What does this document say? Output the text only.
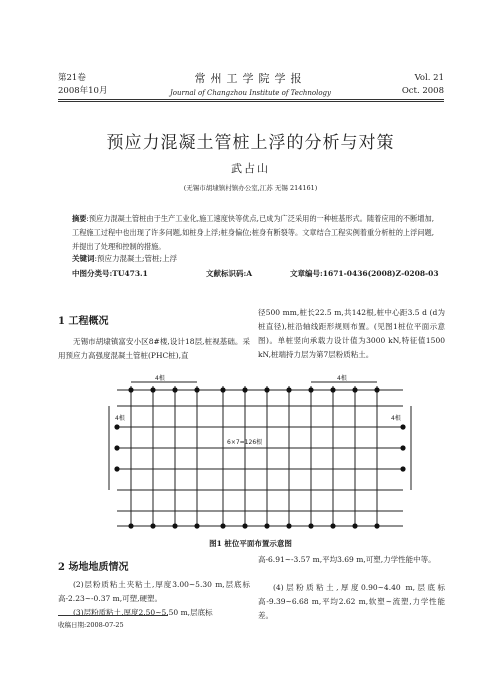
第21卷
2008年10月
常州工学院学报
Journal of Changzhou Institute of Technology
Vol. 21
Oct. 2008
预应力混凝土管桩上浮的分析与对策
武占山
(无锡市胡埭镇村镇办公室,江苏 无锡 214161)
摘要:预应力混凝土管桩由于生产工业化,施工速度快等优点,已成为广泛采用的一种桩基形式。随着应用的不断增加,工程施工过程中也出现了许多问题,如桩身上浮;桩身偏位;桩身有断裂等。文章结合工程实例着重分析桩的上浮问题,并提出了处理和控制的措施。
关键词:预应力混凝土;管桩;上浮
中图分类号:TU473.1	文献标识码:A	文章编号:1671-0436(2008)Z-0208-03
1 工程概况
无锡市胡埭镇富安小区8#楼,设计18层,桩视基础。采用预应力高强度混凝土管桩(PHC桩),直
径500 mm,桩长22.5 m,共142根,桩中心距3.5 d (d为桩直径),桩沿轴线距形规则布置。(见图1桩位平面示意图)。单桩竖向承载力设计值为3000 kN,特征值1500 kN,桩端持力层为第7层粉质粘土。
4根	4根
4根	4根
6×7=126根
图1 桩位平面布置示意图
2 场地地质情况
(2)层粉质粘土夹粘土,厚度3.00~5.30 m,层底标高-2.23~-0.37 m,可塑,硬塑。
(3)层粉质粘土,厚度2.50~5.50 m,层底标
高-6.91~-3.57 m,平均3.69 m,可塑,力学性能中等。
(4)层粉质粘土,厚度0.90~4.40 m,层底标高-9.39~6.68 m,平均2.62 m,软塑~流塑,力学性能差。
收稿日期:2008-07-25
